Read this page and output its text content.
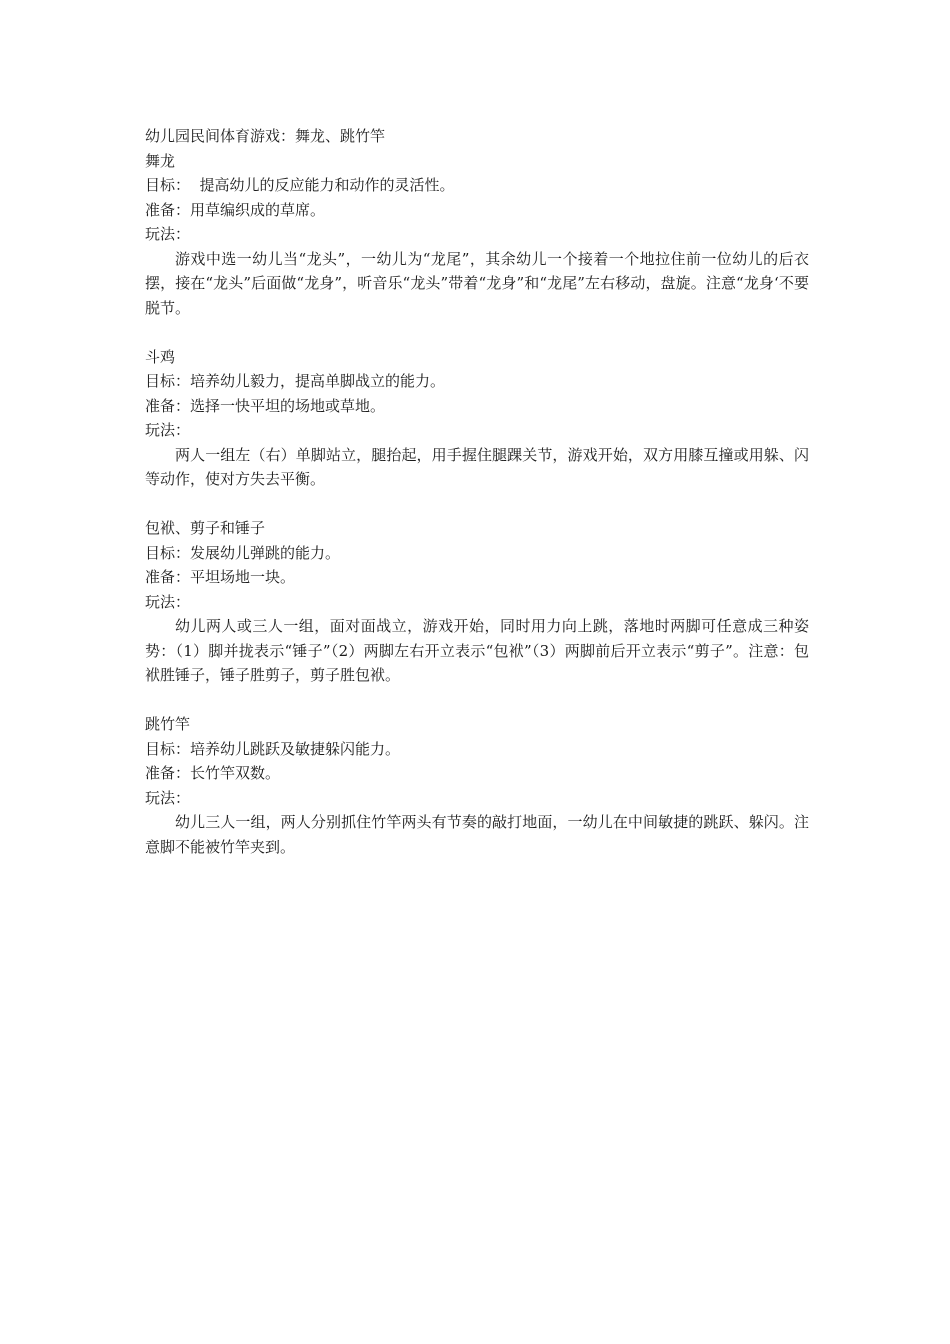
幼儿园民间体育游戏：舞龙、跳竹竿
舞龙
目标：  提高幼儿的反应能力和动作的灵活性。
准备：用草编织成的草席。
玩法：

游戏中选一幼儿当“龙头”，一幼儿为“龙尾”，其余幼儿一个接着一个地拉住前一位幼儿的后衣摆，接在“龙头”后面做“龙身”，听音乐“龙头”带着“龙身”和“龙尾”左右移动，盘旋。注意“龙身‘不要脱节。

斗鸡
目标：培养幼儿毅力，提高单脚战立的能力。
准备：选择一快平坦的场地或草地。
玩法：

两人一组左（右）单脚站立，腿抬起，用手握住腿踝关节，游戏开始，双方用膝互撞或用躲、闪等动作，使对方失去平衡。

包袱、剪子和锤子
目标：发展幼儿弹跳的能力。
准备：平坦场地一块。
玩法：

幼儿两人或三人一组，面对面战立，游戏开始，同时用力向上跳，落地时两脚可任意成三种姿势：（1）脚并拢表示“锤子”（2）两脚左右开立表示“包袱”（3）两脚前后开立表示“剪子”。注意：包袱胜锤子，锤子胜剪子，剪子胜包袱。

跳竹竿
目标：培养幼儿跳跃及敏捷躲闪能力。
准备：长竹竿双数。
玩法：

幼儿三人一组，两人分别抓住竹竿两头有节奏的敲打地面，一幼儿在中间敏捷的跳跃、躲闪。注意脚不能被竹竿夹到。
